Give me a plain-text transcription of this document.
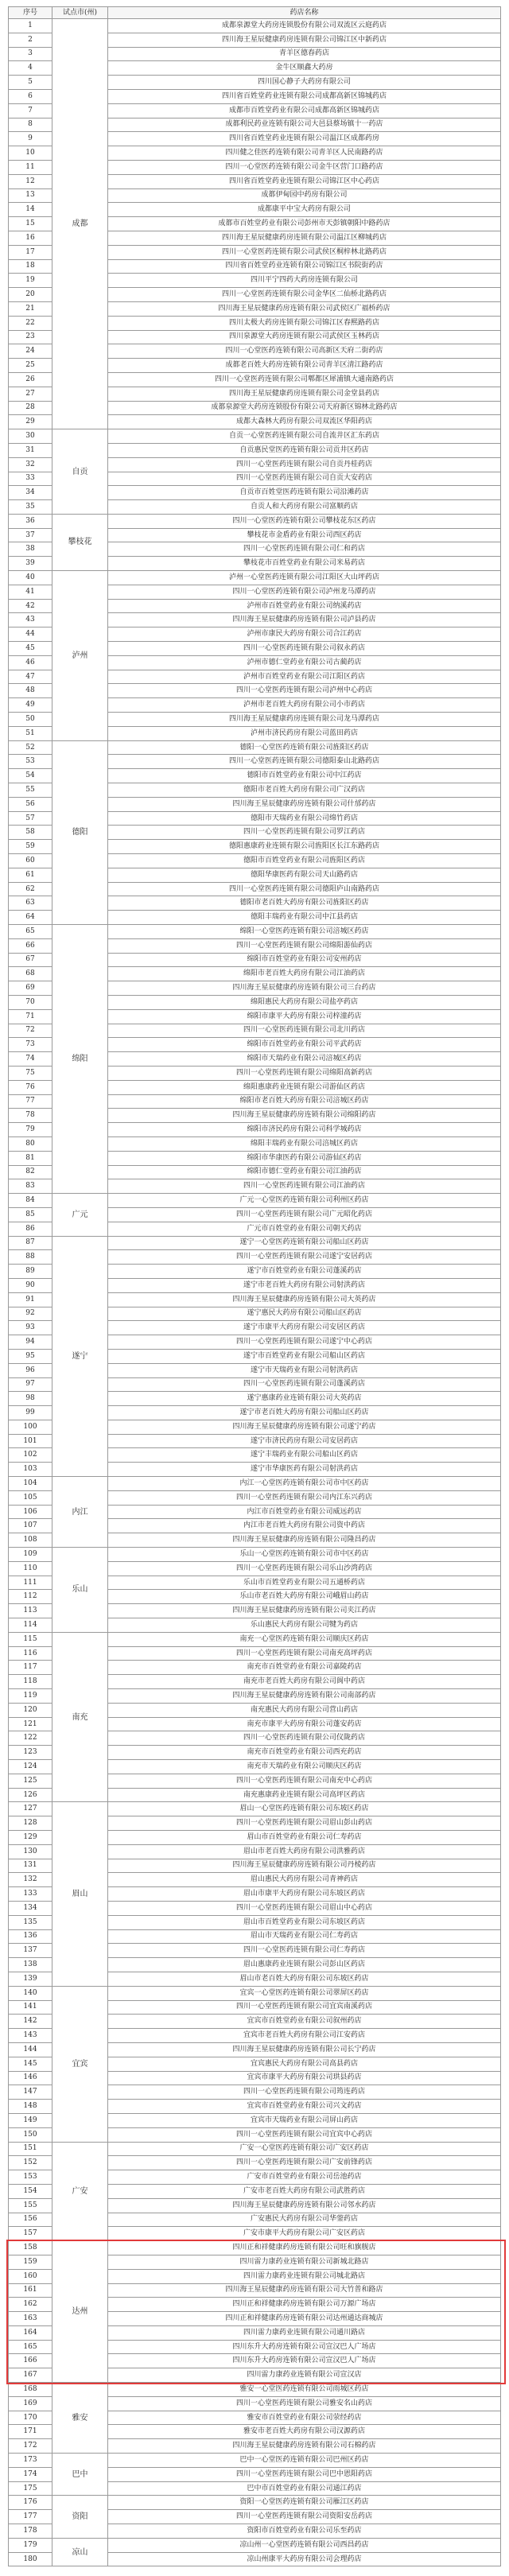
序号	试点市(州)	药店名称
1	成都	成都泉源堂大药房连锁股份有限公司双流区云庭药店
2		四川海王星辰健康药房连锁有限公司锦江区中新药店
3		青羊区德春药店
4		金牛区顺鑫大药房
5		四川国心静子大药房有限公司
6		四川省百姓堂药业连锁有限公司成都高新区锦城药店
7		成都市百姓堂药业有限公司成都高新区锦城药店
8		成都利民药业连锁有限公司大邑县蔡场镇十一药店
9		四川省百姓堂药业连锁有限公司温江区成都药房
10		四川健之佳医药连锁有限公司青羊区人民南路药店
11		四川一心堂医药连锁有限公司金牛区营门口路药店
12		四川省百姓堂药业连锁有限公司锦江区中心药店
13		成都伊甸园中药房有限公司
14		成都康平中宝大药房有限公司
15		成都市百姓堂药业有限公司彭州市天彭镇朝阳中路药店
16		四川海王星辰健康药房连锁有限公司温江区柳城药店
17		四川一心堂医药连锁有限公司武侯区桐梓林北路药店
18		四川省百姓堂药业连锁有限公司锦江区书院街药店
19		四川平宁四药大药房连锁有限公司
20		四川一心堂医药连锁有限公司金华区二仙桥北路药店
21		四川海王星辰健康药房连锁有限公司武侯区广福桥药店
22		四川太极大药房连锁有限公司锦江区春熙路药店
23		四川泉源堂大药房连锁有限公司武侯区玉林药店
24		四川一心堂医药连锁有限公司高新区天府二街药店
25		成都老百姓大药房连锁有限公司青羊区清江路药店
26		四川一心堂医药连锁有限公司郫都区犀浦镇大通南路药店
27		四川海王星辰健康药房连锁有限公司金堂县药店
28		成都泉源堂大药房连锁股份有限公司天府新区锦林北路药店
29		成都大森林大药房有限公司双流区华阳药店
30	自贡	自贡一心堂医药连锁有限公司自流井区汇东药店
31		自贡惠民堂医药连锁有限公司贡井区药店
32		四川一心堂医药连锁有限公司自贡丹桂药店
33		四川一心堂医药连锁有限公司自贡大安药店
34		自贡市百姓堂医药连锁有限公司沿滩药店
35		自贡人和大药房有限公司富顺药店
36	攀枝花	四川一心堂医药连锁有限公司攀枝花东区药店
37		攀枝花市金盾药业有限公司西区药店
38		四川一心堂医药连锁有限公司仁和药店
39		攀枝花市百姓堂药业有限公司米易药店
40	泸州	泸州一心堂医药连锁有限公司江阳区大山坪药店
41		四川一心堂医药连锁有限公司泸州龙马潭药店
42		泸州市百姓堂药业有限公司纳溪药店
43		四川海王星辰健康药房连锁有限公司泸县药店
44		泸州市康民大药房有限公司合江药店
45		四川一心堂医药连锁有限公司叙永药店
46		泸州市德仁堂药业有限公司古蔺药店
47		泸州市百姓堂药业有限公司江阳区药店
48		四川一心堂医药连锁有限公司泸州中心药店
49		泸州市老百姓大药房有限公司小市药店
50		四川海王星辰健康药房连锁有限公司龙马潭药店
51		泸州市济民药房有限公司蓝田药店
52	德阳	德阳一心堂医药连锁有限公司旌阳区药店
53		四川一心堂医药连锁有限公司德阳泰山北路药店
54		德阳市百姓堂药业有限公司中江药店
55		德阳市老百姓大药房有限公司广汉药店
56		四川海王星辰健康药房连锁有限公司什邡药店
57		德阳市天瑞药业有限公司绵竹药店
58		四川一心堂医药连锁有限公司罗江药店
59		德阳惠康药业连锁有限公司旌阳区长江东路药店
60		德阳市百姓堂药业有限公司旌阳区药店
61		德阳华康医药有限公司天山路药店
62		四川一心堂医药连锁有限公司德阳庐山南路药店
63		德阳市老百姓大药房有限公司旌阳区药店
64		德阳丰瑞药业有限公司中江县药店
65	绵阳	绵阳一心堂医药连锁有限公司涪城区药店
66		四川一心堂医药连锁有限公司绵阳游仙药店
67		绵阳市百姓堂药业有限公司安州药店
68		绵阳市老百姓大药房有限公司江油药店
69		四川海王星辰健康药房连锁有限公司三台药店
70		绵阳惠民大药房有限公司盐亭药店
71		绵阳市康平大药房有限公司梓潼药店
72		四川一心堂医药连锁有限公司北川药店
73		绵阳市百姓堂药业有限公司平武药店
74		绵阳市天瑞药业有限公司涪城区药店
75		四川一心堂医药连锁有限公司绵阳高新药店
76		绵阳惠康药业连锁有限公司游仙区药店
77		绵阳市老百姓大药房有限公司涪城区药店
78		四川海王星辰健康药房连锁有限公司绵阳药店
79		绵阳市济民药房有限公司科学城药店
80		绵阳丰瑞药业有限公司涪城区药店
81		绵阳市华康医药有限公司游仙区药店
82		绵阳市德仁堂药业有限公司江油药店
83		四川一心堂医药连锁有限公司江油药店
84	广元	广元一心堂医药连锁有限公司利州区药店
85		四川一心堂医药连锁有限公司广元昭化药店
86		广元市百姓堂药业有限公司朝天药店
87	遂宁	遂宁一心堂医药连锁有限公司船山区药店
88		四川一心堂医药连锁有限公司遂宁安居药店
89		遂宁市百姓堂药业有限公司蓬溪药店
90		遂宁市老百姓大药房有限公司射洪药店
91		四川海王星辰健康药房连锁有限公司大英药店
92		遂宁惠民大药房有限公司船山区药店
93		遂宁市康平大药房有限公司安居区药店
94		四川一心堂医药连锁有限公司遂宁中心药店
95		遂宁市百姓堂药业有限公司船山区药店
96		遂宁市天瑞药业有限公司射洪药店
97		四川一心堂医药连锁有限公司蓬溪药店
98		遂宁惠康药业连锁有限公司大英药店
99		遂宁市老百姓大药房有限公司船山区药店
100		四川海王星辰健康药房连锁有限公司遂宁药店
101		遂宁市济民药房有限公司安居药店
102		遂宁丰瑞药业有限公司船山区药店
103		遂宁市华康医药有限公司射洪药店
104	内江	内江一心堂医药连锁有限公司市中区药店
105		四川一心堂医药连锁有限公司内江东兴药店
106		内江市百姓堂药业有限公司威远药店
107		内江市老百姓大药房有限公司资中药店
108		四川海王星辰健康药房连锁有限公司隆昌药店
109	乐山	乐山一心堂医药连锁有限公司市中区药店
110		四川一心堂医药连锁有限公司乐山沙湾药店
111		乐山市百姓堂药业有限公司五通桥药店
112		乐山市老百姓大药房有限公司峨眉山药店
113		四川海王星辰健康药房连锁有限公司夹江药店
114		乐山惠民大药房有限公司犍为药店
115	南充	南充一心堂医药连锁有限公司顺庆区药店
116		四川一心堂医药连锁有限公司南充高坪药店
117		南充市百姓堂药业有限公司嘉陵药店
118		南充市老百姓大药房有限公司阆中药店
119		四川海王星辰健康药房连锁有限公司南部药店
120		南充惠民大药房有限公司营山药店
121		南充市康平大药房有限公司蓬安药店
122		四川一心堂医药连锁有限公司仪陇药店
123		南充市百姓堂药业有限公司西充药店
124		南充市天瑞药业有限公司顺庆区药店
125		四川一心堂医药连锁有限公司南充中心药店
126		南充惠康药业连锁有限公司高坪区药店
127	眉山	眉山一心堂医药连锁有限公司东坡区药店
128		四川一心堂医药连锁有限公司眉山彭山药店
129		眉山市百姓堂药业有限公司仁寿药店
130		眉山市老百姓大药房有限公司洪雅药店
131		四川海王星辰健康药房连锁有限公司丹棱药店
132		眉山惠民大药房有限公司青神药店
133		眉山市康平大药房有限公司东坡区药店
134		四川一心堂医药连锁有限公司眉山中心药店
135		眉山市百姓堂药业有限公司东坡区药店
136		眉山市天瑞药业有限公司仁寿药店
137		四川一心堂医药连锁有限公司仁寿药店
138		眉山惠康药业连锁有限公司彭山区药店
139		眉山市老百姓大药房有限公司东坡区药店
140	宜宾	宜宾一心堂医药连锁有限公司翠屏区药店
141		四川一心堂医药连锁有限公司宜宾南溪药店
142		宜宾市百姓堂药业有限公司叙州药店
143		宜宾市老百姓大药房有限公司江安药店
144		四川海王星辰健康药房连锁有限公司长宁药店
145		宜宾惠民大药房有限公司高县药店
146		宜宾市康平大药房有限公司珙县药店
147		四川一心堂医药连锁有限公司筠连药店
148		宜宾市百姓堂药业有限公司兴文药店
149		宜宾市天瑞药业有限公司屏山药店
150		四川一心堂医药连锁有限公司宜宾中心药店
151	广安	广安一心堂医药连锁有限公司广安区药店
152		四川一心堂医药连锁有限公司广安前锋药店
153		广安市百姓堂药业有限公司岳池药店
154		广安市老百姓大药房有限公司武胜药店
155		四川海王星辰健康药房连锁有限公司邻水药店
156		广安惠民大药房有限公司华蓥药店
157		广安市康平大药房有限公司广安区药店
158	达州	四川正和祥健康药房连锁有限公司旺和旗舰店
159		四川雷力康药业连锁有限公司新城北路店
160		四川雷力康药业连锁有限公司城北路店
161		四川海王星辰健康药房连锁有限公司大竹普和路店
162		四川正和祥健康药房连锁有限公司万源广场店
163		四川正和祥健康药房连锁有限公司达州通达商城店
164		四川雷力康药业连锁有限公司通川路店
165		四川东升大药房连锁有限公司宣汉巴人广场店
166		四川东升大药房连锁有限公司宣汉巴人广场店
167		四川雷力康药业连锁有限公司宣汉店
168	雅安	雅安一心堂医药连锁有限公司雨城区药店
169		四川一心堂医药连锁有限公司雅安名山药店
170		雅安市百姓堂药业有限公司荥经药店
171		雅安市老百姓大药房有限公司汉源药店
172		四川海王星辰健康药房连锁有限公司石棉药店
173	巴中	巴中一心堂医药连锁有限公司巴州区药店
174		四川一心堂医药连锁有限公司巴中恩阳药店
175		巴中市百姓堂药业有限公司通江药店
176	资阳	资阳一心堂医药连锁有限公司雁江区药店
177		四川一心堂医药连锁有限公司资阳安岳药店
178		资阳市百姓堂药业有限公司乐至药店
179	凉山	凉山州一心堂医药连锁有限公司西昌药店
180		凉山州康平大药房有限公司会理药店
